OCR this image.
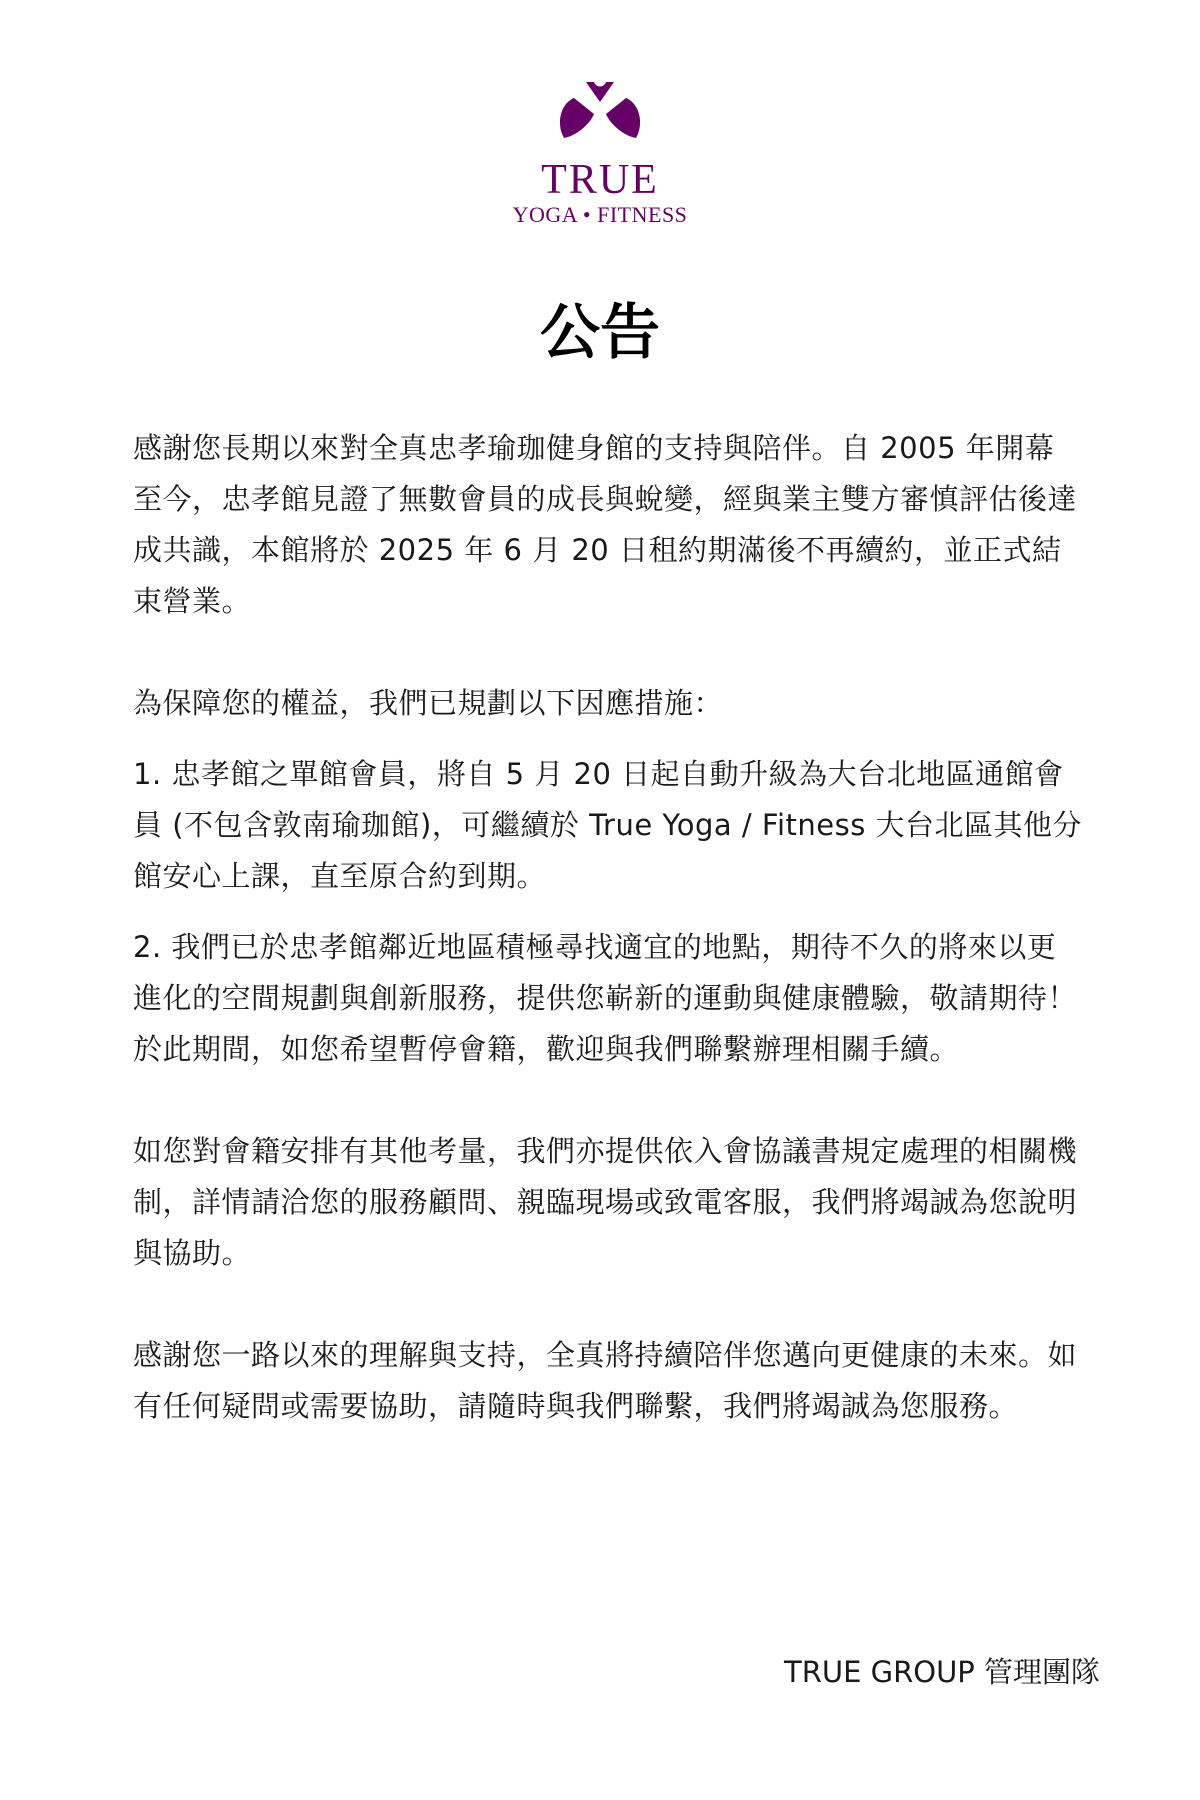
TRUE
YOGA • FITNESS
公告

感謝您長期以來對全真忠孝瑜珈健身館的支持與陪伴。自 2005 年開幕至今，忠孝館見證了無數會員的成長與蛻變，經與業主雙方審慎評估後達成共識，本館將於 2025 年 6 月 20 日租約期滿後不再續約，並正式結束營業。

為保障您的權益，我們已規劃以下因應措施：

1. 忠孝館之單館會員，將自 5 月 20 日起自動升級為大台北地區通館會員 (不包含敦南瑜珈館)，可繼續於 True Yoga / Fitness 大台北區其他分館安心上課，直至原合約到期。

2. 我們已於忠孝館鄰近地區積極尋找適宜的地點，期待不久的將來以更進化的空間規劃與創新服務，提供您嶄新的運動與健康體驗，敬請期待！於此期間，如您希望暫停會籍，歡迎與我們聯繫辦理相關手續。

如您對會籍安排有其他考量，我們亦提供依入會協議書規定處理的相關機制，詳情請洽您的服務顧問、親臨現場或致電客服，我們將竭誠為您說明與協助。

感謝您一路以來的理解與支持，全真將持續陪伴您邁向更健康的未來。如有任何疑問或需要協助，請隨時與我們聯繫，我們將竭誠為您服務。

TRUE GROUP 管理團隊
